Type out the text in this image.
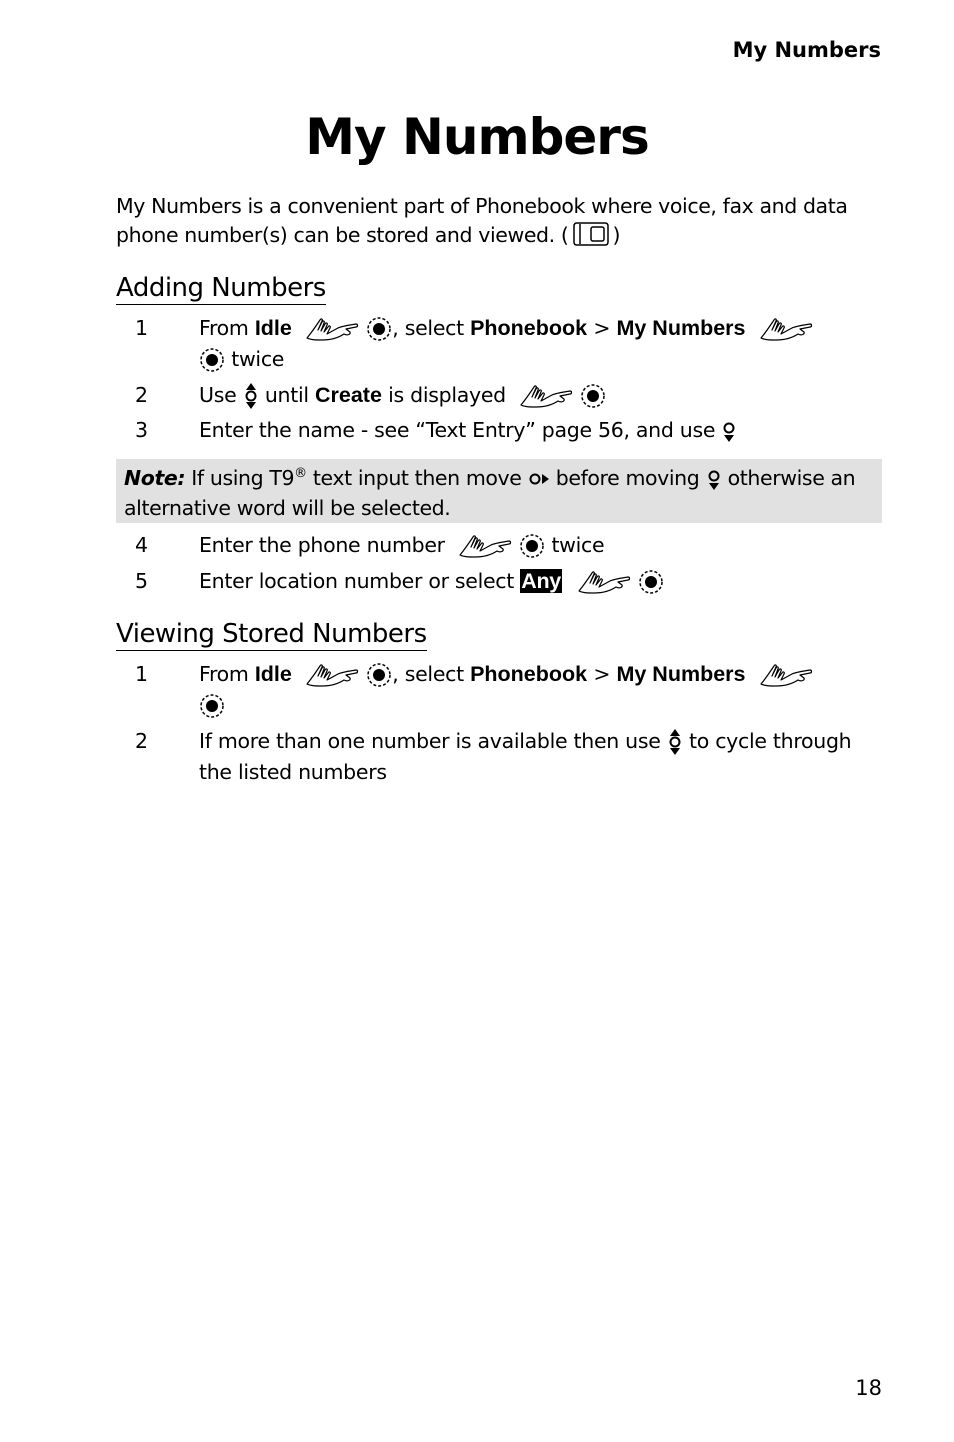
My Numbers
My Numbers
My Numbers is a convenient part of Phonebook where voice, fax and data phone number(s) can be stored and viewed. ( )
Adding Numbers
1	From Idle	, select Phonebook > My Numbers
twice
2	Use until Create is displayed
3	Enter the name - see “Text Entry” page 56, and use
Note: If using T9® text input then move before moving otherwise an alternative word will be selected.
4	Enter the phone number	twice
5	Enter location number or select Any
Viewing Stored Numbers
1	From Idle	, select Phonebook > My Numbers

2	If more than one number is available then use to cycle through the listed numbers
18
